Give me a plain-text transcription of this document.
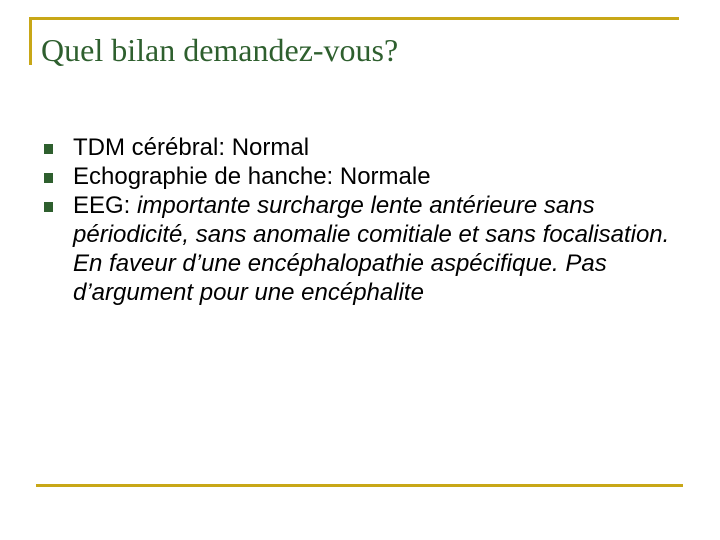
Quel bilan demandez-vous?
TDM cérébral: Normal
Echographie de hanche: Normale
EEG: importante surcharge lente antérieure sans périodicité, sans anomalie comitiale et sans focalisation. En faveur d’une encéphalopathie aspécifique. Pas d’argument pour une encéphalite
